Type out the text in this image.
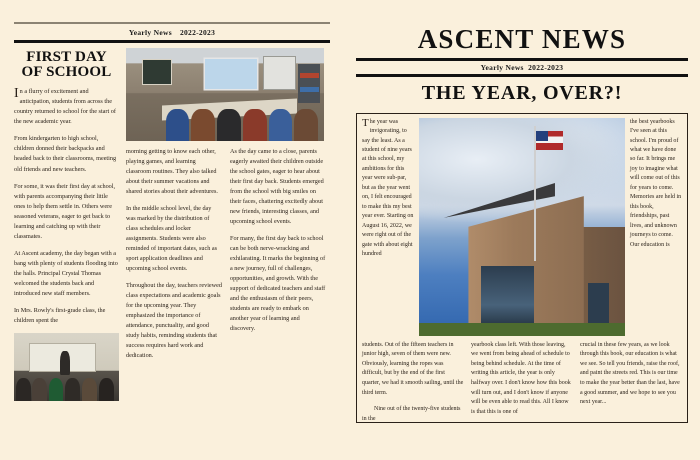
Yearly News 2022-2023
FIRST DAY OF SCHOOL

In a flurry of excitement and anticipation, students from across the country returned to school for the start of the new academic year.

From kindergarten to high school, children donned their backpacks and headed back to their classrooms, meeting old friends and new teachers.

For some, it was their first day at school, with parents accompanying their little ones to help them settle in. Others were seasoned veterans, eager to get back to learning and catching up with their classmates.

At Ascent academy, the day began with a bang with plenty of students flooding into the halls. Principal Crystal Thomas welcomed the students back and introduced new staff members.

In Mrs. Rowly's first-grade class, the children spent the

morning getting to know each other, playing games, and learning classroom routines. They also talked about their summer vacations and shared stories about their adventures.

In the middle school level, the day was marked by the distribution of class schedules and locker assignments. Students were also reminded of important dates, such as sport application deadlines and upcoming school events.

Throughout the day, teachers reviewed class expectations and academic goals for the upcoming year. They emphasized the importance of attendance, punctuality, and good study habits, reminding students that success requires hard work and dedication.

As the day came to a close, parents eagerly awaited their children outside the school gates, eager to hear about their first day back. Students emerged from the school with big smiles on their faces, chattering excitedly about new friends, interesting classes, and upcoming school events.

For many, the first day back to school can be both nerve-wracking and exhilarating. It marks the beginning of a new journey, full of challenges, opportunities, and growth. With the support of dedicated teachers and staff and the enthusiasm of their peers, students are ready to embark on another year of learning and discovery.

ASCENT NEWS
Yearly News 2022-2023
THE YEAR, OVER?!

The year was invigorating, to say the least. As a student of nine years at this school, my ambitions for this year were sub-par, but as the year went on, I felt encouraged to make this my best year ever. Starting on August 16, 2022, we were right out of the gate with about eight hundred

the best yearbooks I've seen at this school. I'm proud of what we have done so far. It brings me joy to imagine what will come out of this for years to come. Memories are held in this book, friendships, past lives, and unknown journeys to come. Our education is

students. Out of the fifteen teachers in junior high, seven of them were new. Obviously, learning the ropes was difficult, but by the end of the first quarter, we had it smooth sailing, until the third term.

Nine out of the twenty-five students in the

yearbook class left. With those leaving, we went from being ahead of schedule to being behind schedule. At the time of writing this article, the year is only halfway over. I don't know how this book will turn out, and I don't know if anyone will be even able to read this. All I know is that this is one of

crucial in these few years, as we look through this book, our education is what we see. So tell you friends, raise the roof, and paint the streets red. This is our time to make the year better than the last, have a good summer, and we hope to see you next year...
